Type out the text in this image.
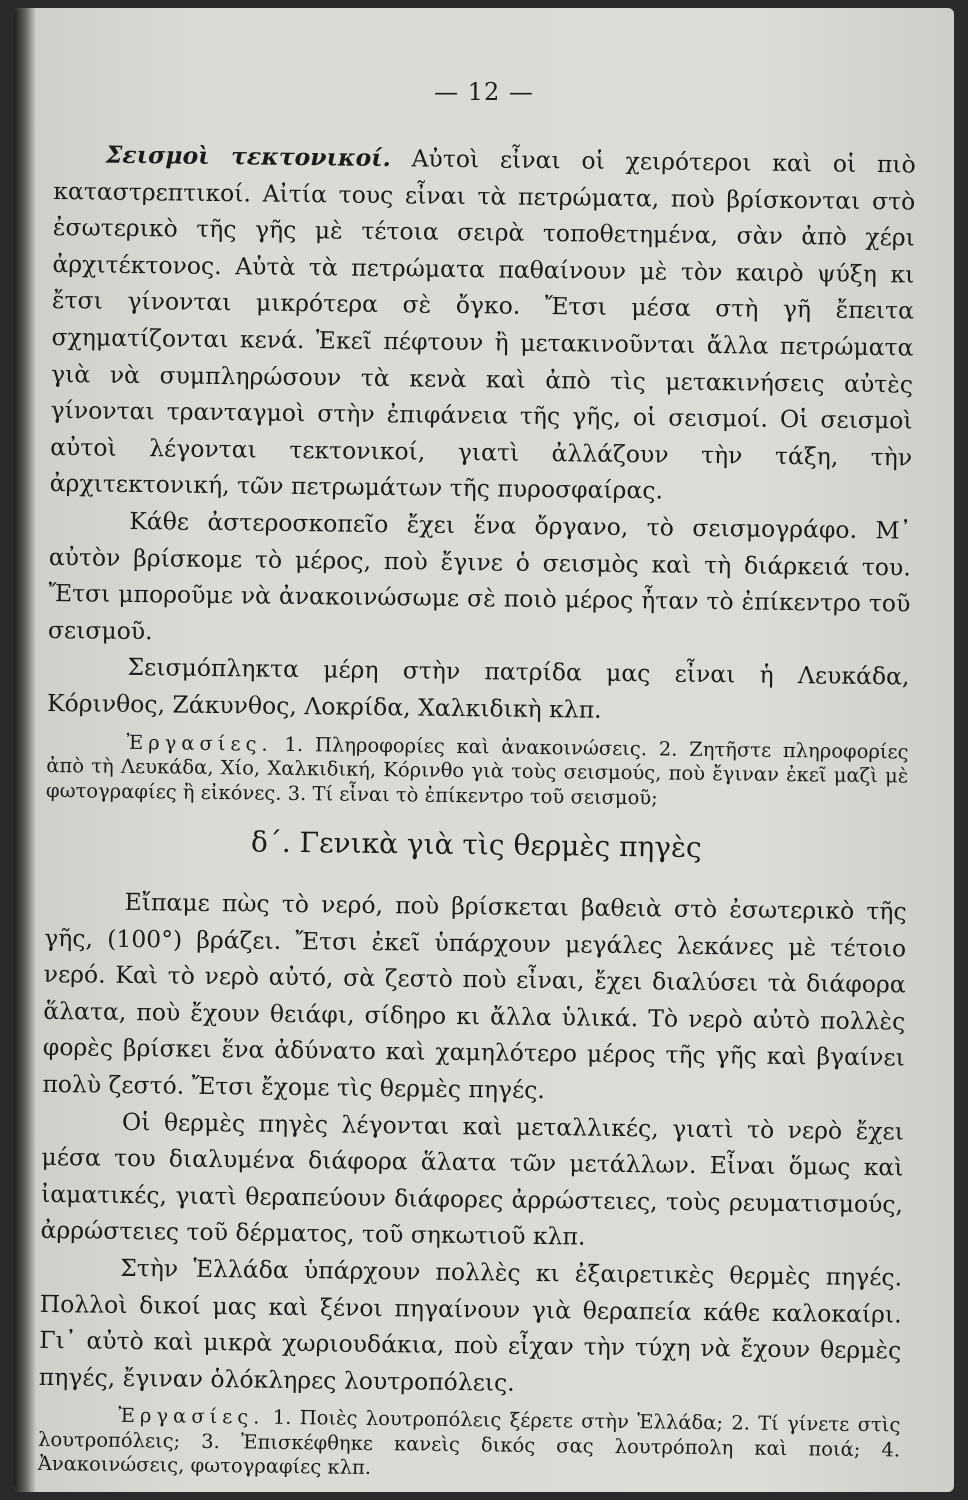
— 12 —

Σεισμοὶ τεκτονικοί. Αὐτοὶ εἶναι οἱ χειρότεροι καὶ οἱ πιὸ καταστρεπτικοί. Αἰτία τους εἶναι τὰ πετρώματα, ποὺ βρίσκονται στὸ ἐσωτερικὸ τῆς γῆς μὲ τέτοια σειρὰ τοποθετημένα, σὰν ἀπὸ χέρι ἀρχιτέκτονος. Αὐτὰ τὰ πετρώματα παθαίνουν μὲ τὸν καιρὸ ψύξη κι ἔτσι γίνονται μικρότερα σὲ ὄγκο. Ἔτσι μέσα στὴ γῆ ἔπειτα σχηματίζονται κενά. Ἐκεῖ πέφτουν ἢ μετακινοῦνται ἄλλα πετρώματα γιὰ νὰ συμπληρώσουν τὰ κενὰ καὶ ἀπὸ τὶς μετακινήσεις αὐτὲς γίνονται τρανταγμοὶ στὴν ἐπιφάνεια τῆς γῆς, οἱ σεισμοί. Οἱ σεισμοὶ αὐτοὶ λέγονται τεκτονικοί, γιατὶ ἀλλάζουν τὴν τάξη, τὴν ἀρχιτεκτονική, τῶν πετρωμάτων τῆς πυροσφαίρας.

Κάθε ἀστεροσκοπεῖο ἔχει ἕνα ὄργανο, τὸ σεισμογράφο. Μ᾿ αὐτὸν βρίσκομε τὸ μέρος, ποὺ ἔγινε ὁ σεισμὸς καὶ τὴ διάρκειά του. Ἔτσι μποροῦμε νὰ ἀνακοινώσωμε σὲ ποιὸ μέρος ἦταν τὸ ἐπίκεντρο τοῦ σεισμοῦ.

Σεισμόπληκτα μέρη στὴν πατρίδα μας εἶναι ἡ Λευκάδα, Κόρινθος, Ζάκυνθος, Λοκρίδα, Χαλκιδικὴ κλπ.

Ἐργασίες. 1. Πληροφορίες καὶ ἀνακοινώσεις. 2. Ζητῆστε πληροφορίες ἀπὸ τὴ Λευκάδα, Χίο, Χαλκιδική, Κόρινθο γιὰ τοὺς σεισμούς, ποὺ ἔγιναν ἐκεῖ μαζὶ μὲ φωτογραφίες ἢ εἰκόνες. 3. Τί εἶναι τὸ ἐπίκεντρο τοῦ σεισμοῦ;

δ΄. Γενικὰ γιὰ τὶς θερμὲς πηγὲς

Εἴπαμε πὼς τὸ νερό, ποὺ βρίσκεται βαθειὰ στὸ ἐσωτερικὸ τῆς γῆς, (100°) βράζει. Ἔτσι ἐκεῖ ὑπάρχουν μεγάλες λεκάνες μὲ τέτοιο νερό. Καὶ τὸ νερὸ αὐτό, σὰ ζεστὸ ποὺ εἶναι, ἔχει διαλύσει τὰ διάφορα ἅλατα, ποὺ ἔχουν θειάφι, σίδηρο κι ἄλλα ὑλικά. Τὸ νερὸ αὐτὸ πολλὲς φορὲς βρίσκει ἕνα ἀδύνατο καὶ χαμηλότερο μέρος τῆς γῆς καὶ βγαίνει πολὺ ζεστό. Ἔτσι ἔχομε τὶς θερμὲς πηγές.

Οἱ θερμὲς πηγὲς λέγονται καὶ μεταλλικές, γιατὶ τὸ νερὸ ἔχει μέσα του διαλυμένα διάφορα ἅλατα τῶν μετάλλων. Εἶναι ὅμως καὶ ἰαματικές, γιατὶ θεραπεύουν διάφορες ἀρρώστειες, τοὺς ρευματισμούς, ἀρρώστειες τοῦ δέρματος, τοῦ σηκωτιοῦ κλπ.

Στὴν Ἑλλάδα ὑπάρχουν πολλὲς κι ἐξαιρετικὲς θερμὲς πηγές. Πολλοὶ δικοί μας καὶ ξένοι πηγαίνουν γιὰ θεραπεία κάθε καλοκαίρι. Γι᾿ αὐτὸ καὶ μικρὰ χωριουδάκια, ποὺ εἶχαν τὴν τύχη νὰ ἔχουν θερμὲς πηγές, ἔγιναν ὁλόκληρες λουτροπόλεις.

Ἐργασίες. 1. Ποιὲς λουτροπόλεις ξέρετε στὴν Ἑλλάδα; 2. Τί γίνετε στὶς λουτροπόλεις; 3. Ἐπισκέφθηκε κανεὶς δικός σας λουτρόπολη καὶ ποιά; 4. Ἀνακοινώσεις, φωτογραφίες κλπ.
